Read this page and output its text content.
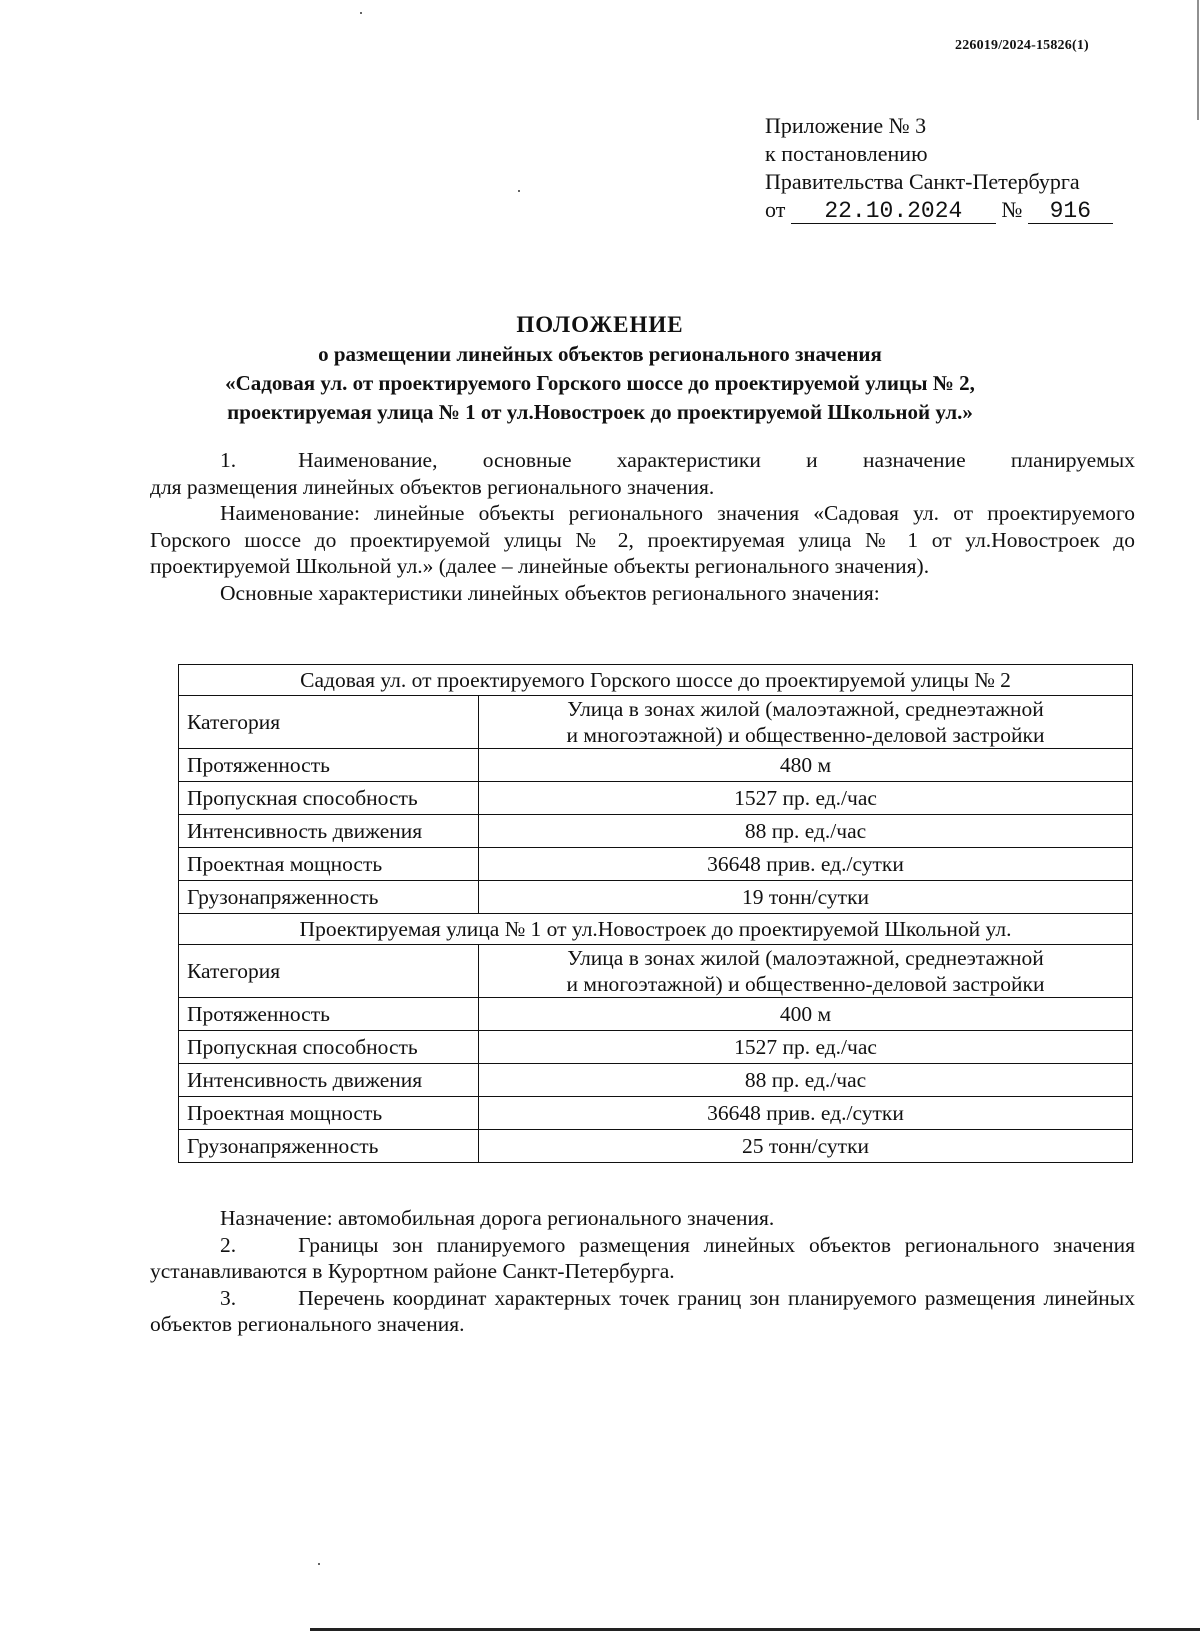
226019/2024-15826(1)
Приложение № 3
к постановлению
Правительства Санкт-Петербурга
от 22.10.2024 № 916
ПОЛОЖЕНИЕ
о размещении линейных объектов регионального значения
«Садовая ул. от проектируемого Горского шоссе до проектируемой улицы № 2,
проектируемая улица № 1 от ул.Новостроек до проектируемой Школьной ул.»

1.	Наименование, основные характеристики и назначение планируемых

для размещения линейных объектов регионального значения.

Наименование: линейные объекты регионального значения «Садовая ул. от проектируемого Горского шоссе до проектируемой улицы № 2, проектируемая улица № 1 от ул.Новостроек до проектируемой Школьной ул.» (далее – линейные объекты регионального значения).

Основные характеристики линейных объектов регионального значения:

Садовая ул. от проектируемого Горского шоссе до проектируемой улицы № 2	
Категория	Улица в зонах жилой (малоэтажной, среднеэтажной
и многоэтажной) и общественно-деловой застройки

Протяженность	480 м
Пропускная способность	1527 пр. ед./час
Интенсивность движения	88 пр. ед./час
Проектная мощность	36648 прив. ед./сутки
Грузонапряженность	19 тонн/сутки
Проектируемая улица № 1 от ул.Новостроек до проектируемой Школьной ул.	
Категория	Улица в зонах жилой (малоэтажной, среднеэтажной
и многоэтажной) и общественно-деловой застройки

Протяженность	400 м
Пропускная способность	1527 пр. ед./час
Интенсивность движения	88 пр. ед./час
Проектная мощность	36648 прив. ед./сутки
Грузонапряженность	25 тонн/сутки

Назначение: автомобильная дорога регионального значения.

2.	Границы зон планируемого размещения линейных объектов регионального значения устанавливаются в Курортном районе Санкт-Петербурга.

3.	Перечень координат характерных точек границ зон планируемого размещения линейных объектов регионального значения.
